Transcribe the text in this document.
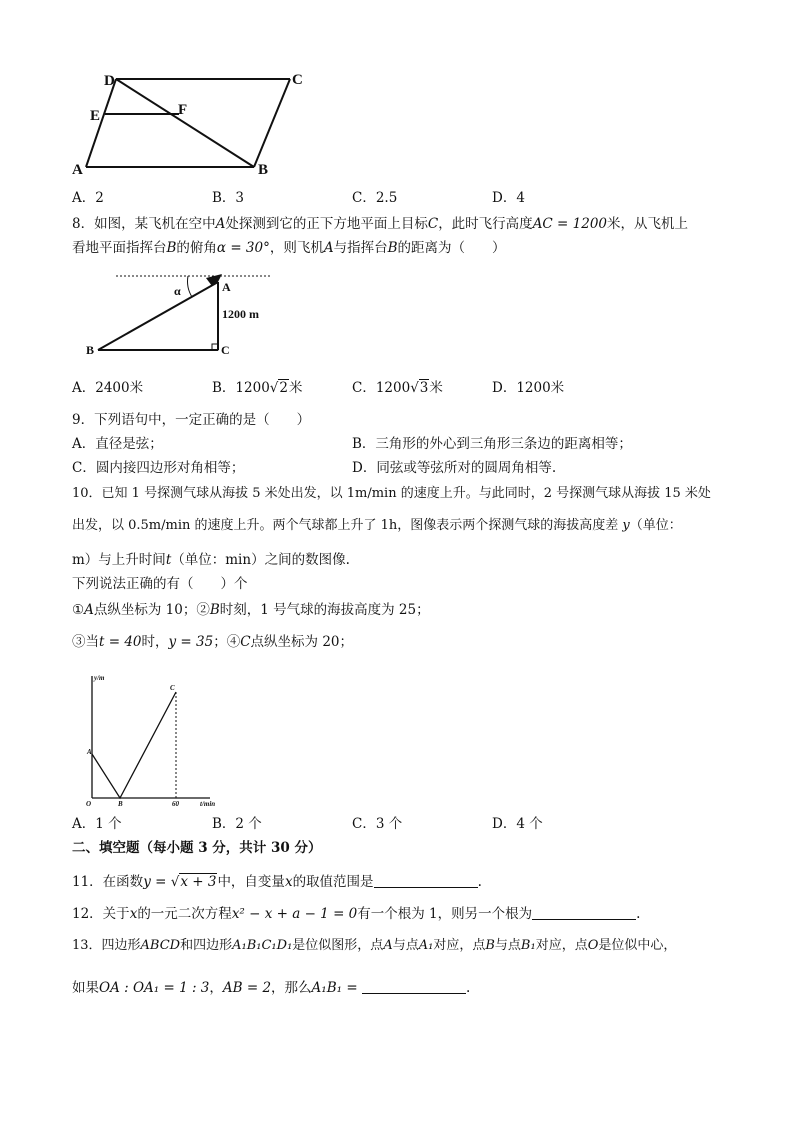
D	C
E	F
A	B
A．2	B．3	C．2.5	D．4
8．如图，某飞机在空中A处探测到它的正下方地平面上目标C，此时飞行高度AC = 1200米，从飞机上
看地平面指挥台B的俯角α = 30°，则飞机A与指挥台B的距离为（　　）
α	A
1200 m
B	C
A．2400米	B．1200√2米	C．1200√3米	D．1200米
9．下列语句中，一定正确的是（　　）
A．直径是弦；	B．三角形的外心到三角形三条边的距离相等；
C．圆内接四边形对角相等；	D．同弦或等弦所对的圆周角相等.
10．已知 1 号探测气球从海拔 5 米处出发，以 1m/min 的速度上升。与此同时，2 号探测气球从海拔 15 米处
出发，以 0.5m/min 的速度上升。两个气球都上升了 1h，图像表示两个探测气球的海拔高度差 y（单位：
m）与上升时间t（单位：min）之间的数图像.
下列说法正确的有（　　）个
①A点纵坐标为 10；②B时刻，1 号气球的海拔高度为 25；
③当t = 40时，y = 35；④C点纵坐标为 20；
y/m
t/min
O
A
B
C
60
A．1 个	B．2 个	C．3 个	D．4 个
二、填空题（每小题 3 分，共计 30 分）
11．在函数y = √x + 3中，自变量x的取值范围是	.
12．关于x的一元二次方程x² − x + a − 1 = 0有一个根为 1，则另一个根为	.
13．四边形ABCD和四边形A₁B₁C₁D₁是位似图形，点A与点A₁对应，点B与点B₁对应，点O是位似中心，
如果OA : OA₁ = 1 : 3，AB = 2，那么A₁B₁ =	.
